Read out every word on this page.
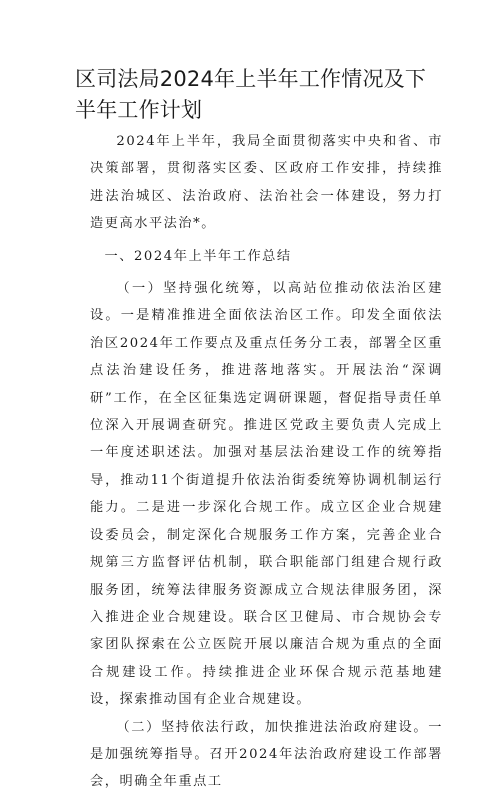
区司法局2024年上半年工作情况及下半年工作计划

2024年上半年，我局全面贯彻落实中央和省、市决策部署，贯彻落实区委、区政府工作安排，持续推进法治城区、法治政府、法治社会一体建设，努力打造更高水平法治*。

一、2024年上半年工作总结

（一）坚持强化统筹，以高站位推动依法治区建设。一是精准推进全面依法治区工作。印发全面依法治区2024年工作要点及重点任务分工表，部署全区重点法治建设任务，推进落地落实。开展法治“深调研”工作，在全区征集选定调研课题，督促指导责任单位深入开展调查研究。推进区党政主要负责人完成上一年度述职述法。加强对基层法治建设工作的统筹指导，推动11个街道提升依法治街委统筹协调机制运行能力。二是进一步深化合规工作。成立区企业合规建设委员会，制定深化合规服务工作方案，完善企业合规第三方监督评估机制，联合职能部门组建合规行政服务团，统筹法律服务资源成立合规法律服务团，深入推进企业合规建设。联合区卫健局、市合规协会专家团队探索在公立医院开展以廉洁合规为重点的全面合规建设工作。持续推进企业环保合规示范基地建设，探索推动国有企业合规建设。

（二）坚持依法行政，加快推进法治政府建设。一是加强统筹指导。召开2024年法治政府建设工作部署会，明确全年重点工
